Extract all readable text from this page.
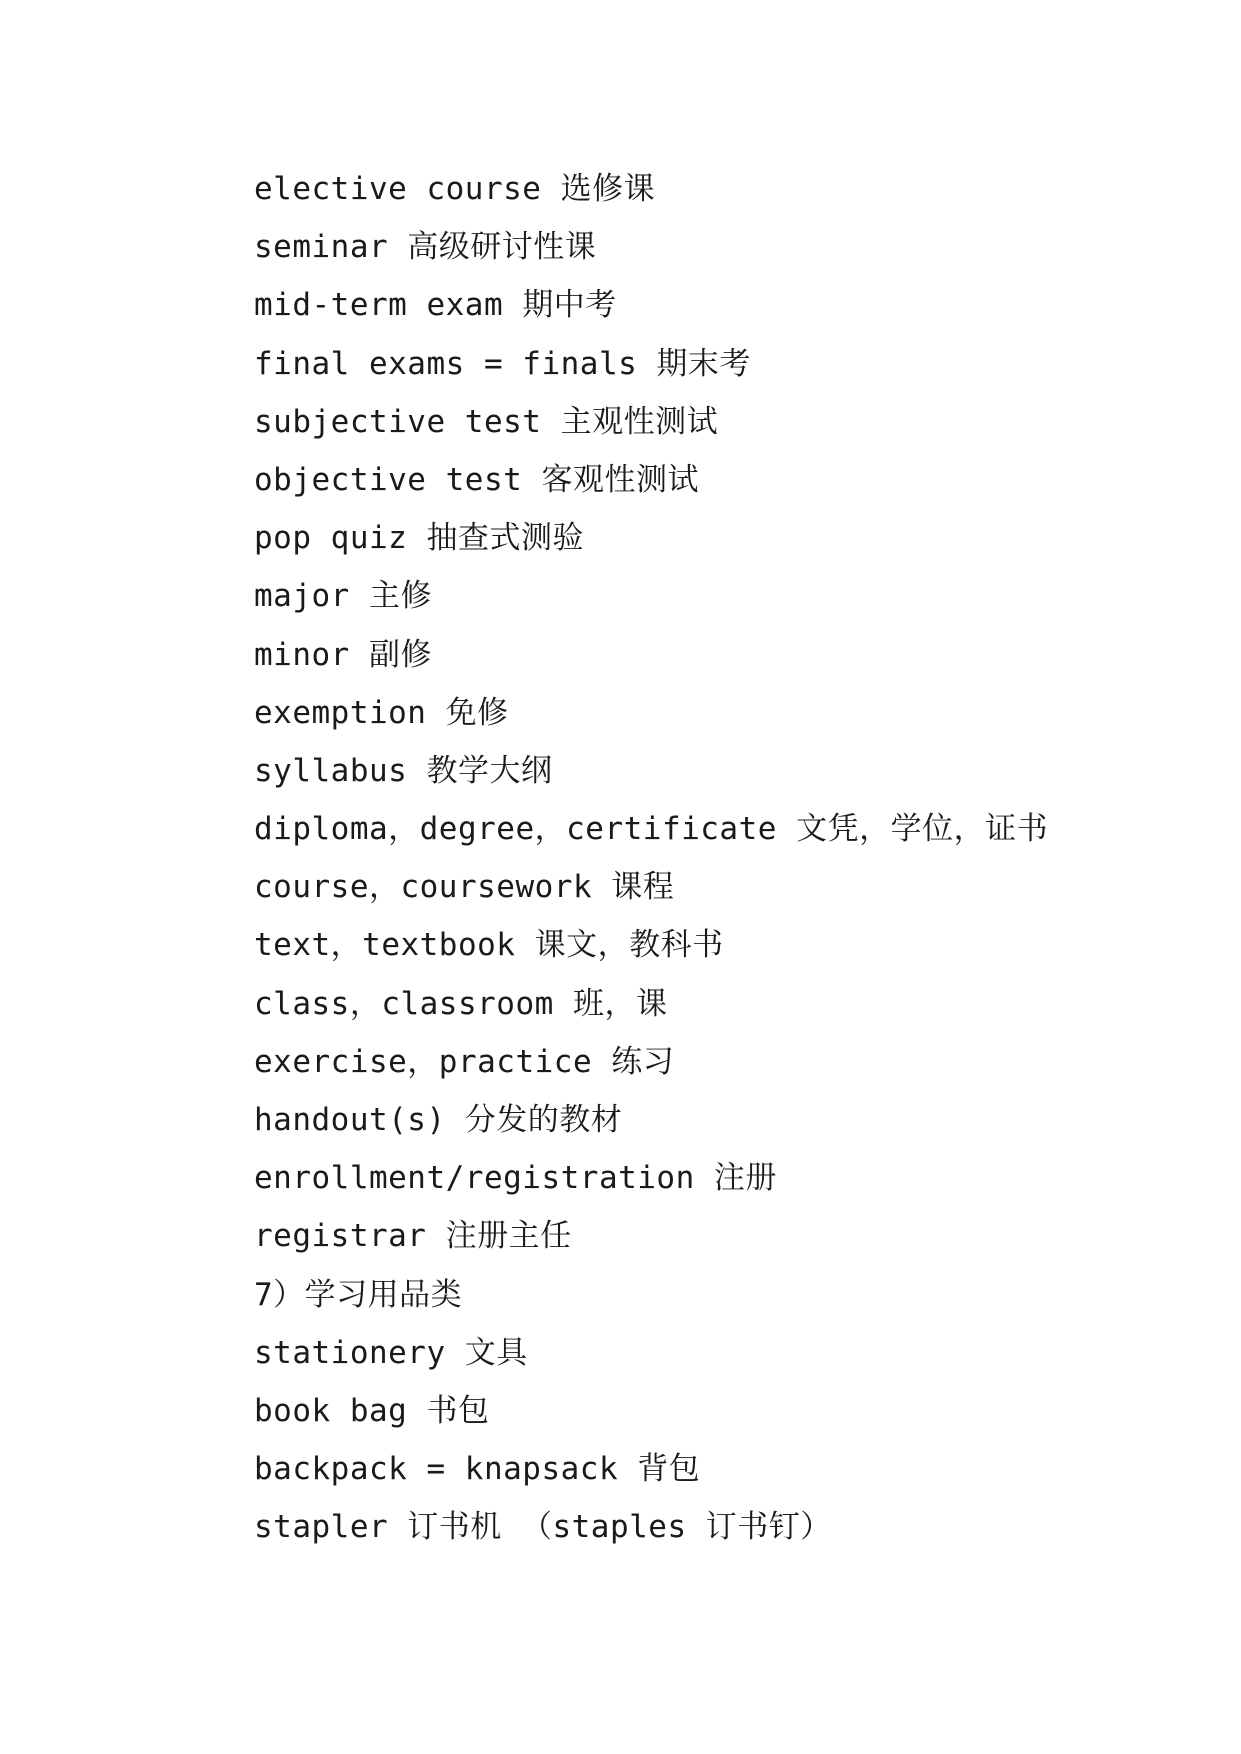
elective course 选修课
seminar 高级研讨性课
mid-term exam 期中考
final exams = finals 期末考
subjective test 主观性测试
objective test 客观性测试
pop quiz 抽查式测验
major 主修
minor 副修
exemption 免修
syllabus 教学大纲
diploma，degree，certificate 文凭，学位，证书
course，coursework 课程
text，textbook 课文，教科书
class，classroom 班，课
exercise，practice 练习
handout(s) 分发的教材
enrollment/registration 注册
registrar 注册主任
7）学习用品类
stationery 文具
book bag 书包
backpack = knapsack 背包
stapler 订书机 （staples 订书钉）
